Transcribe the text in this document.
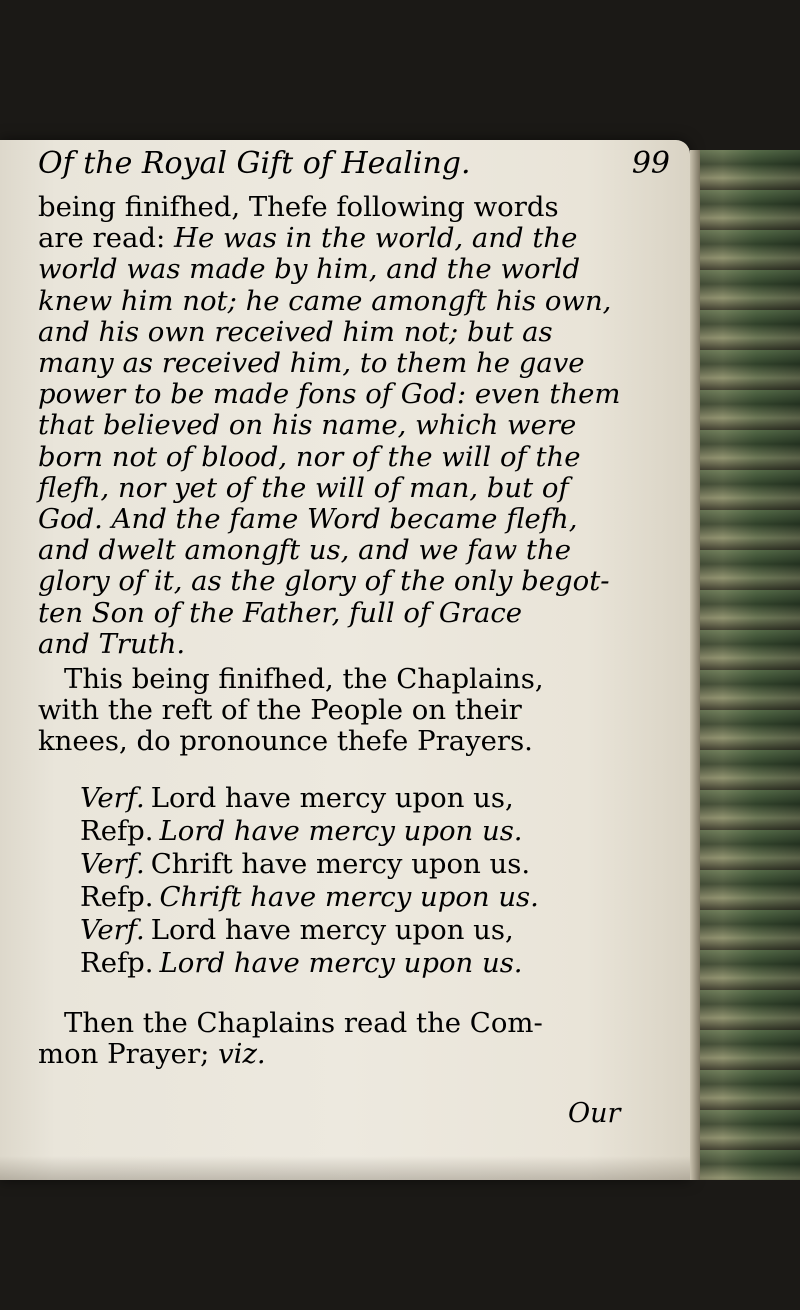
Of the Royal Gift of Healing.	99
being finifhed, Thefe following words
are read: He was in the world, and the
world was made by him, and the world
knew him not; he came amongft his own,
and his own received him not; but as
many as received him, to them he gave
power to be made fons of God: even them
that believed on his name, which were
born not of blood, nor of the will of the
flefh, nor yet of the will of man, but of
God. And the fame Word became flefh,
and dwelt amongft us, and we faw the
glory of it, as the glory of the only begot-
ten Son of the Father, full of Grace
and Truth.
This being finifhed, the Chaplains,
with the reft of the People on their
knees, do pronounce thefe Prayers.
Verf. Lord have mercy upon us,
Refp. Lord have mercy upon us.
Verf. Chrift have mercy upon us.
Refp. Chrift have mercy upon us.
Verf. Lord have mercy upon us,
Refp. Lord have mercy upon us.
Then the Chaplains read the Com-
mon Prayer; viz.
Our
